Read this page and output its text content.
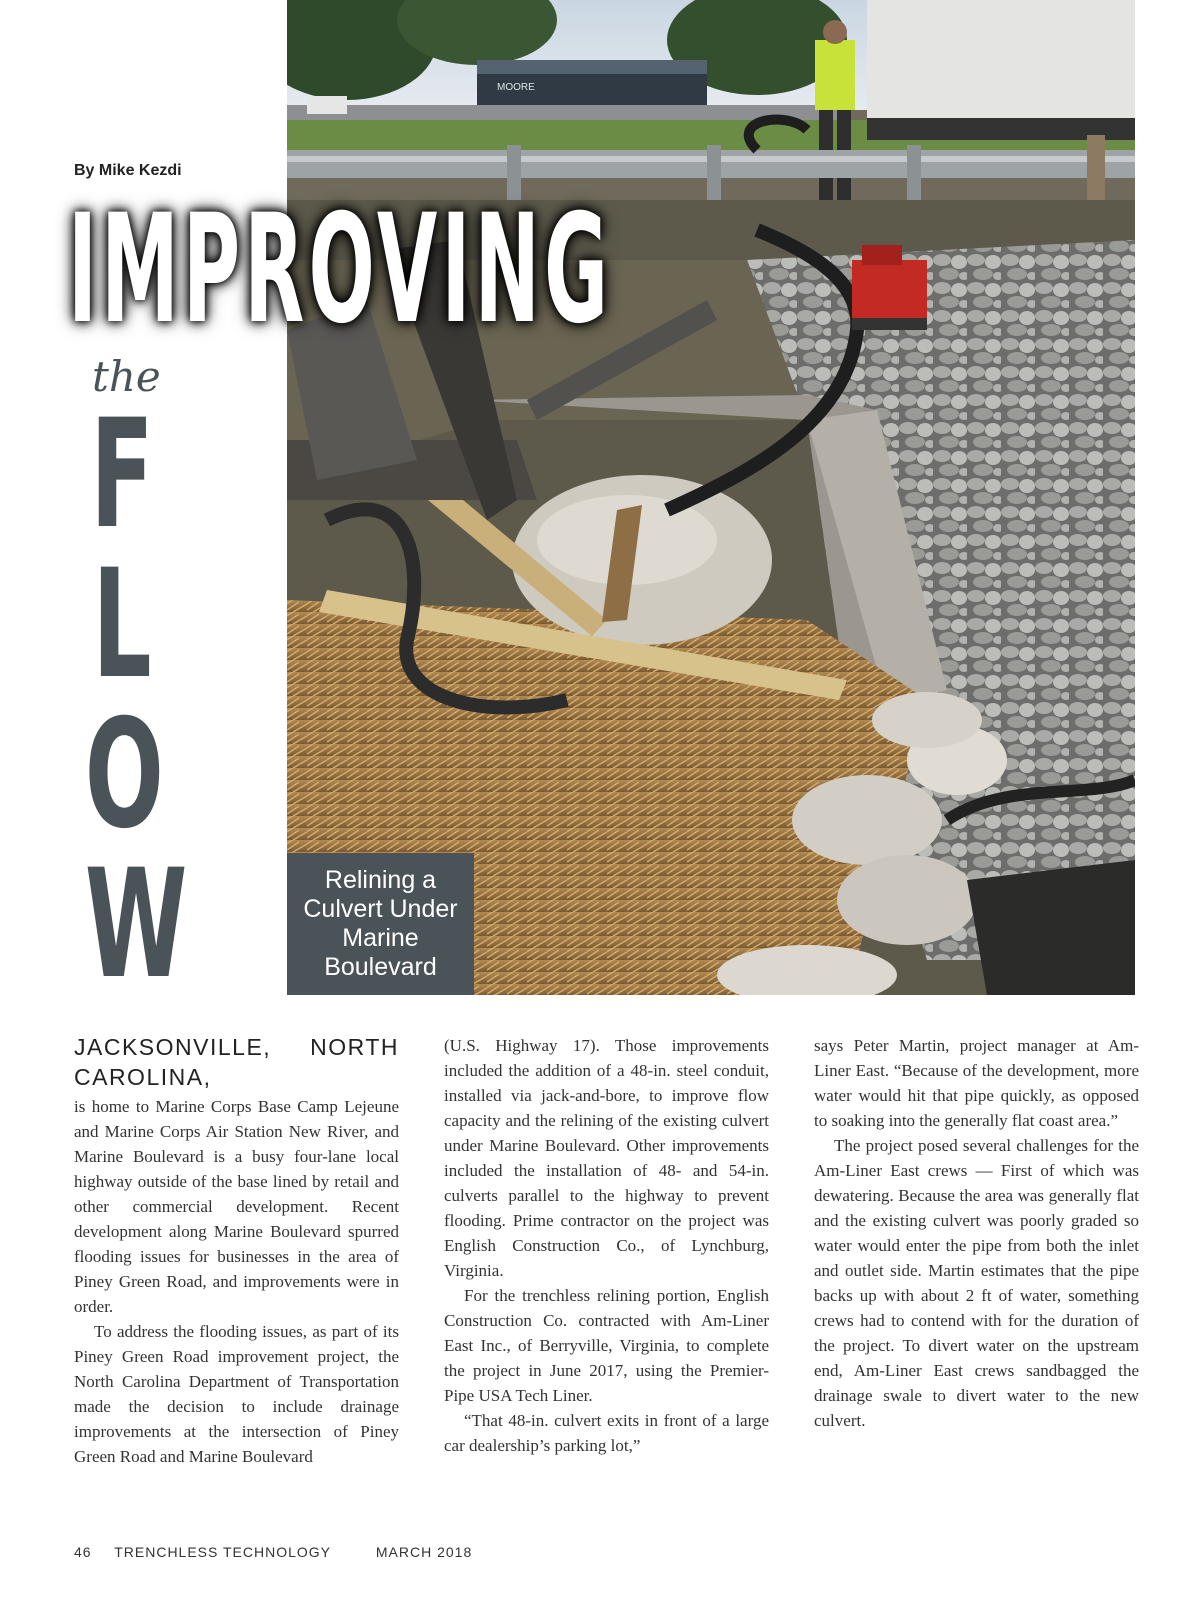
MOORE
By Mike Kezdi
IMPROVING
the
F
L
O
W	Relining a Culvert Under Marine Boulevard
JACKSONVILLE, NORTH CAROLINA,

is home to Marine Corps Base Camp Lejeune and Marine Corps Air Station New River, and Marine Boulevard is a busy four-lane local highway outside of the base lined by retail and other commercial development. Recent development along Marine Boulevard spurred flooding issues for businesses in the area of Piney Green Road, and improvements were in order.

To address the flooding issues, as part of its Piney Green Road improvement project, the North Carolina Department of Transportation made the decision to include drainage improvements at the intersection of Piney Green Road and Marine Boulevard

(U.S. Highway 17). Those improvements included the addition of a 48-in. steel conduit, installed via jack-and-bore, to improve flow capacity and the relining of the existing culvert under Marine Boulevard. Other improvements included the installation of 48- and 54-in. culverts parallel to the highway to prevent flooding. Prime contractor on the project was English Construction Co., of Lynchburg, Virginia.

For the trenchless relining portion, English Construction Co. contracted with Am-Liner East Inc., of Berryville, Virginia, to complete the project in June 2017, using the Premier-Pipe USA Tech Liner.

“That 48-in. culvert exits in front of a large car dealership’s parking lot,”

says Peter Martin, project manager at Am-Liner East. “Because of the development, more water would hit that pipe quickly, as opposed to soaking into the generally flat coast area.”

The project posed several challenges for the Am-Liner East crews — First of which was dewatering. Because the area was generally flat and the existing culvert was poorly graded so water would enter the pipe from both the inlet and outlet side. Martin estimates that the pipe backs up with about 2 ft of water, something crews had to contend with for the duration of the project. To divert water on the upstream end, Am-Liner East crews sandbagged the drainage swale to divert water to the new culvert.

46 TRENCHLESS TECHNOLOGY	MARCH 2018
